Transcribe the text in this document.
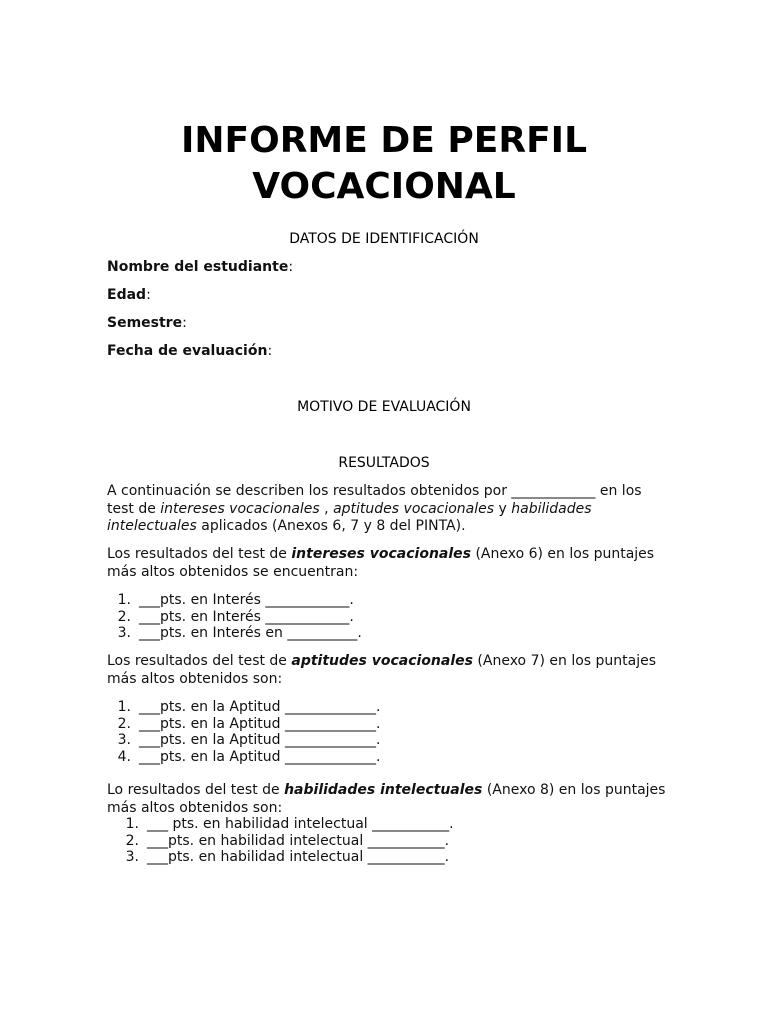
INFORME DE PERFIL
VOCACIONAL
DATOS DE IDENTIFICACIÓN
Nombre del estudiante:
Edad:
Semestre:
Fecha de evaluación:
MOTIVO DE EVALUACIÓN
RESULTADOS
A continuación se describen los resultados obtenidos por ____________ en los test de intereses vocacionales , aptitudes vocacionales y habilidades intelectuales aplicados (Anexos 6, 7 y 8 del PINTA).
Los resultados del test de intereses vocacionales (Anexo 6) en los puntajes más altos obtenidos se encuentran:
1. ___pts. en Interés ____________.
2. ___pts. en Interés ____________.
3. ___pts. en Interés en __________.
Los resultados del test de aptitudes vocacionales (Anexo 7) en los puntajes más altos obtenidos son:
1. ___pts. en la Aptitud _____________.
2. ___pts. en la Aptitud _____________.
3. ___pts. en la Aptitud _____________.
4. ___pts. en la Aptitud _____________.
Lo resultados del test de habilidades intelectuales (Anexo 8) en los puntajes más altos obtenidos son:
1. ___ pts. en habilidad intelectual ___________.
2. ___pts. en habilidad intelectual ___________.
3. ___pts. en habilidad intelectual ___________.
